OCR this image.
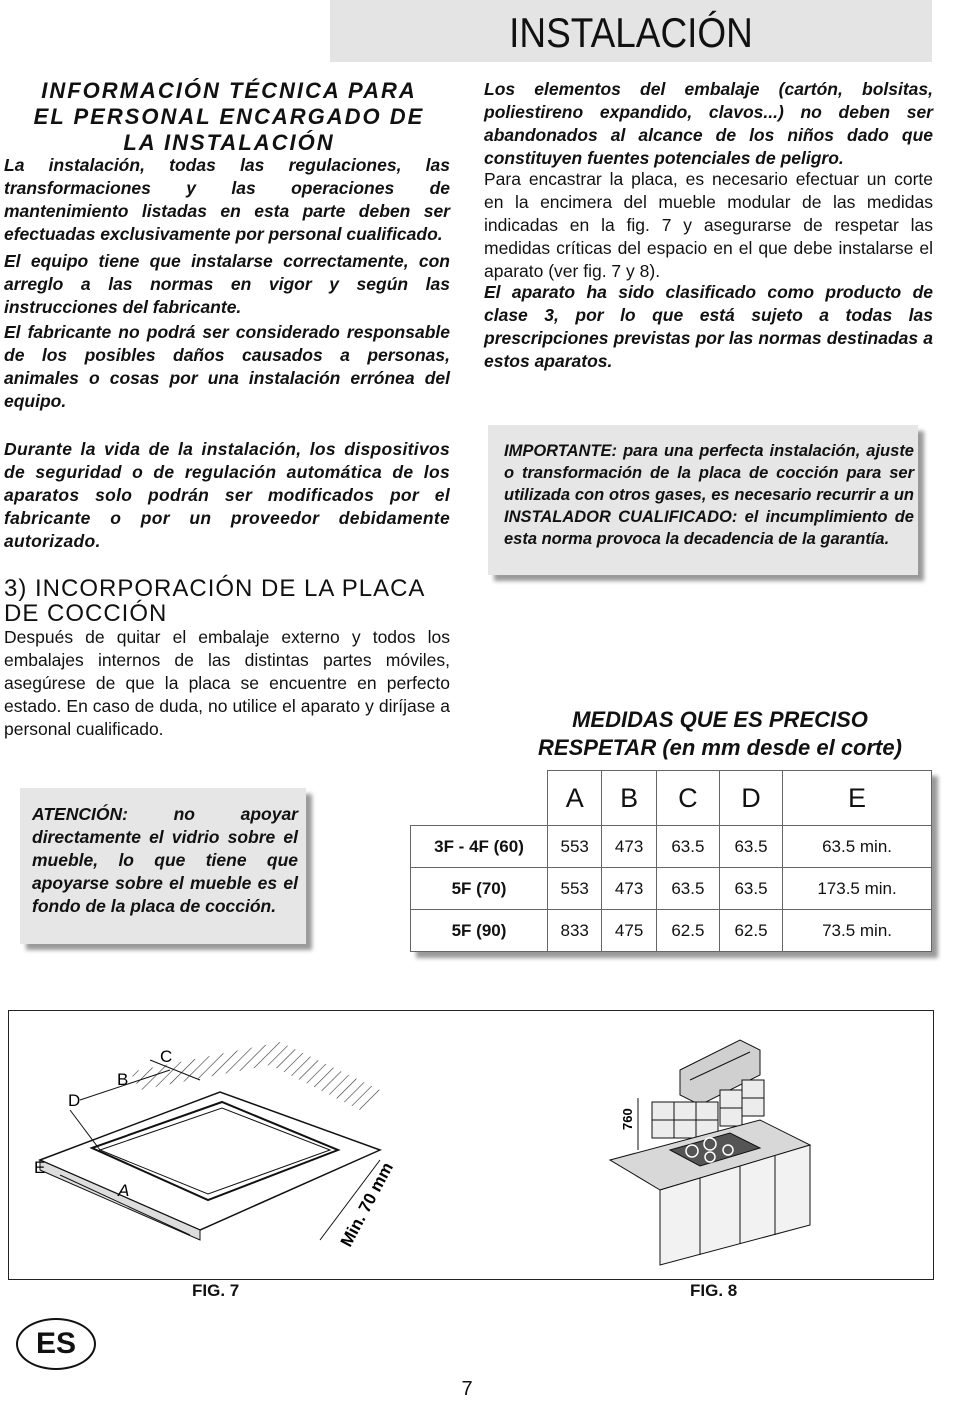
INSTALACIÓN
INFORMACIÓN TÉCNICA PARA
EL PERSONAL ENCARGADO DE
LA INSTALACIÓN
La instalación, todas las regulaciones, las transformaciones y las operaciones de mantenimiento listadas en esta parte deben ser efectuadas exclusivamente por personal cualificado.
El equipo tiene que instalarse correctamente, con arreglo a las normas en vigor y según las instrucciones del fabricante.
El fabricante no podrá ser considerado responsable de los posibles daños causados a personas, animales o cosas por una instalación errónea del equipo.
Durante la vida de la instalación, los dispositivos de seguridad o de regulación automática de los aparatos solo podrán ser modificados por el fabricante o por un proveedor debidamente autorizado.
3) INCORPORACIÓN DE LA PLACA
DE COCCIÓN
Después de quitar el embalaje externo y todos los embalajes internos de las distintas partes móviles, asegúrese de que la placa se encuentre en perfecto estado. En caso de duda, no utilice el aparato y diríjase a personal cualificado.
ATENCIÓN: no apoyar directamente el vidrio sobre el mueble, lo que tiene que apoyarse sobre el mueble es el fondo de la placa de cocción.
Los elementos del embalaje (cartón, bolsitas, poliestireno expandido, clavos...) no deben ser abandonados al alcance de los niños dado que constituyen fuentes potenciales de peligro.
Para encastrar la placa, es necesario efectuar un corte en la encimera del mueble modular de las medidas indicadas en la fig. 7 y asegurarse de respetar las medidas críticas del espacio en el que debe instalarse el aparato (ver fig. 7 y 8).
El aparato ha sido clasificado como producto de clase 3, por lo que está sujeto a todas las prescripciones previstas por las normas destinadas a estos aparatos.
IMPORTANTE: para una perfecta instalación, ajuste o transformación de la placa de cocción para ser utilizada con otros gases, es necesario recurrir a un INSTALADOR CUALIFICADO: el incumplimiento de esta norma provoca la decadencia de la garantía.
MEDIDAS QUE ES PRECISO
RESPETAR (en mm desde el corte)
	A	B	C	D	E
3F - 4F (60)	553	473	63.5	63.5	63.5 min.
5F (70)	553	473	63.5	63.5	173.5 min.
5F (90)	833	475	62.5	62.5	73.5 min.
C
B
D
E
A	Min. 70 mm
760
FIG. 7	FIG. 8
ES
7
